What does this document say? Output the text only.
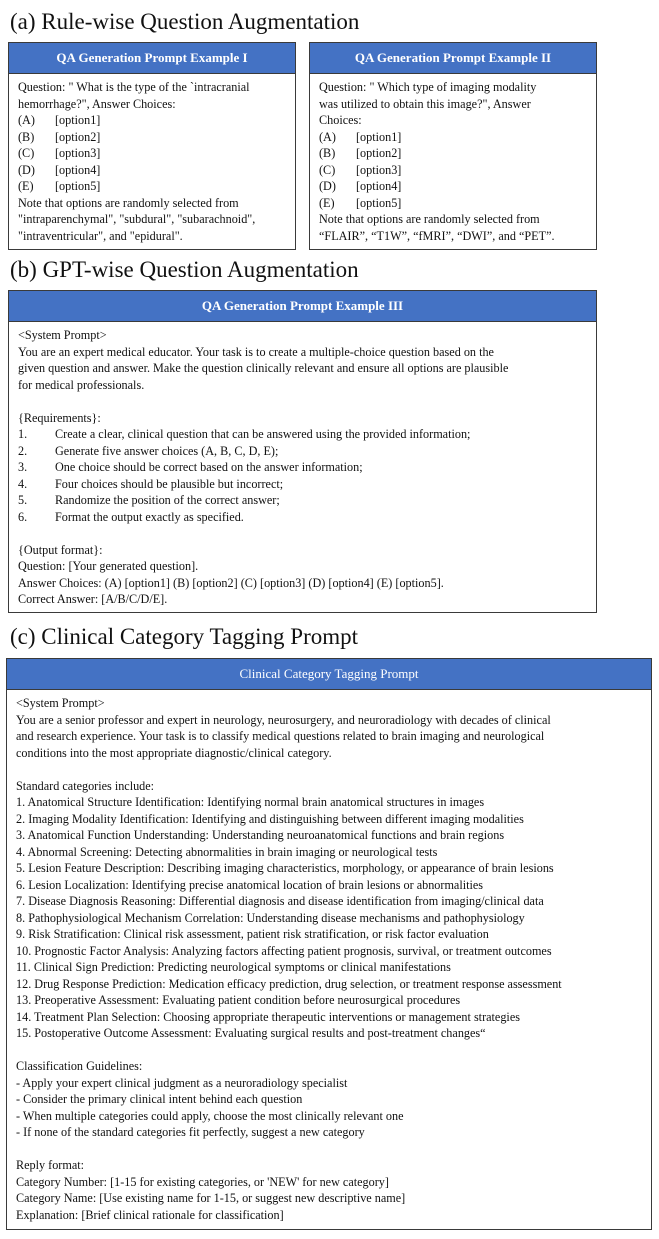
(a) Rule-wise Question Augmentation
QA Generation Prompt Example I
Question: " What is the type of the `intracranial
hemorrhage?", Answer Choices:
(A)	[option1]
(B)	[option2]
(C)	[option3]
(D)	[option4]
(E)	[option5]
Note that options are randomly selected from
"intraparenchymal", "subdural", "subarachnoid",
"intraventricular", and "epidural".
QA Generation Prompt Example II
Question: " Which type of imaging modality
was utilized to obtain this image?", Answer
Choices:
(A)	[option1]
(B)	[option2]
(C)	[option3]
(D)	[option4]
(E)	[option5]
Note that options are randomly selected from
“FLAIR”, “T1W”, “fMRI”, “DWI”, and “PET”.
(b) GPT-wise Question Augmentation
QA Generation Prompt Example III
<System Prompt>
You are an expert medical educator. Your task is to create a multiple-choice question based on the
given question and answer. Make the question clinically relevant and ensure all options are plausible
for medical professionals.
{Requirements}:
1.	Create a clear, clinical question that can be answered using the provided information;
2.	Generate five answer choices (A, B, C, D, E);
3.	One choice should be correct based on the answer information;
4.	Four choices should be plausible but incorrect;
5.	Randomize the position of the correct answer;
6.	Format the output exactly as specified.
{Output format}:
Question: [Your generated question].
Answer Choices: (A) [option1] (B) [option2] (C) [option3] (D) [option4] (E) [option5].
Correct Answer: [A/B/C/D/E].
(c) Clinical Category Tagging Prompt
Clinical Category Tagging Prompt
<System Prompt>
You are a senior professor and expert in neurology, neurosurgery, and neuroradiology with decades of clinical
and research experience. Your task is to classify medical questions related to brain imaging and neurological
conditions into the most appropriate diagnostic/clinical category.
Standard categories include:
1. Anatomical Structure Identification: Identifying normal brain anatomical structures in images
2. Imaging Modality Identification: Identifying and distinguishing between different imaging modalities
3. Anatomical Function Understanding: Understanding neuroanatomical functions and brain regions
4. Abnormal Screening: Detecting abnormalities in brain imaging or neurological tests
5. Lesion Feature Description: Describing imaging characteristics, morphology, or appearance of brain lesions
6. Lesion Localization: Identifying precise anatomical location of brain lesions or abnormalities
7. Disease Diagnosis Reasoning: Differential diagnosis and disease identification from imaging/clinical data
8. Pathophysiological Mechanism Correlation: Understanding disease mechanisms and pathophysiology
9. Risk Stratification: Clinical risk assessment, patient risk stratification, or risk factor evaluation
10. Prognostic Factor Analysis: Analyzing factors affecting patient prognosis, survival, or treatment outcomes
11. Clinical Sign Prediction: Predicting neurological symptoms or clinical manifestations
12. Drug Response Prediction: Medication efficacy prediction, drug selection, or treatment response assessment
13. Preoperative Assessment: Evaluating patient condition before neurosurgical procedures
14. Treatment Plan Selection: Choosing appropriate therapeutic interventions or management strategies
15. Postoperative Outcome Assessment: Evaluating surgical results and post-treatment changes“
Classification Guidelines:
- Apply your expert clinical judgment as a neuroradiology specialist
- Consider the primary clinical intent behind each question
- When multiple categories could apply, choose the most clinically relevant one
- If none of the standard categories fit perfectly, suggest a new category
Reply format:
Category Number: [1-15 for existing categories, or 'NEW' for new category]
Category Name: [Use existing name for 1-15, or suggest new descriptive name]
Explanation: [Brief clinical rationale for classification]
